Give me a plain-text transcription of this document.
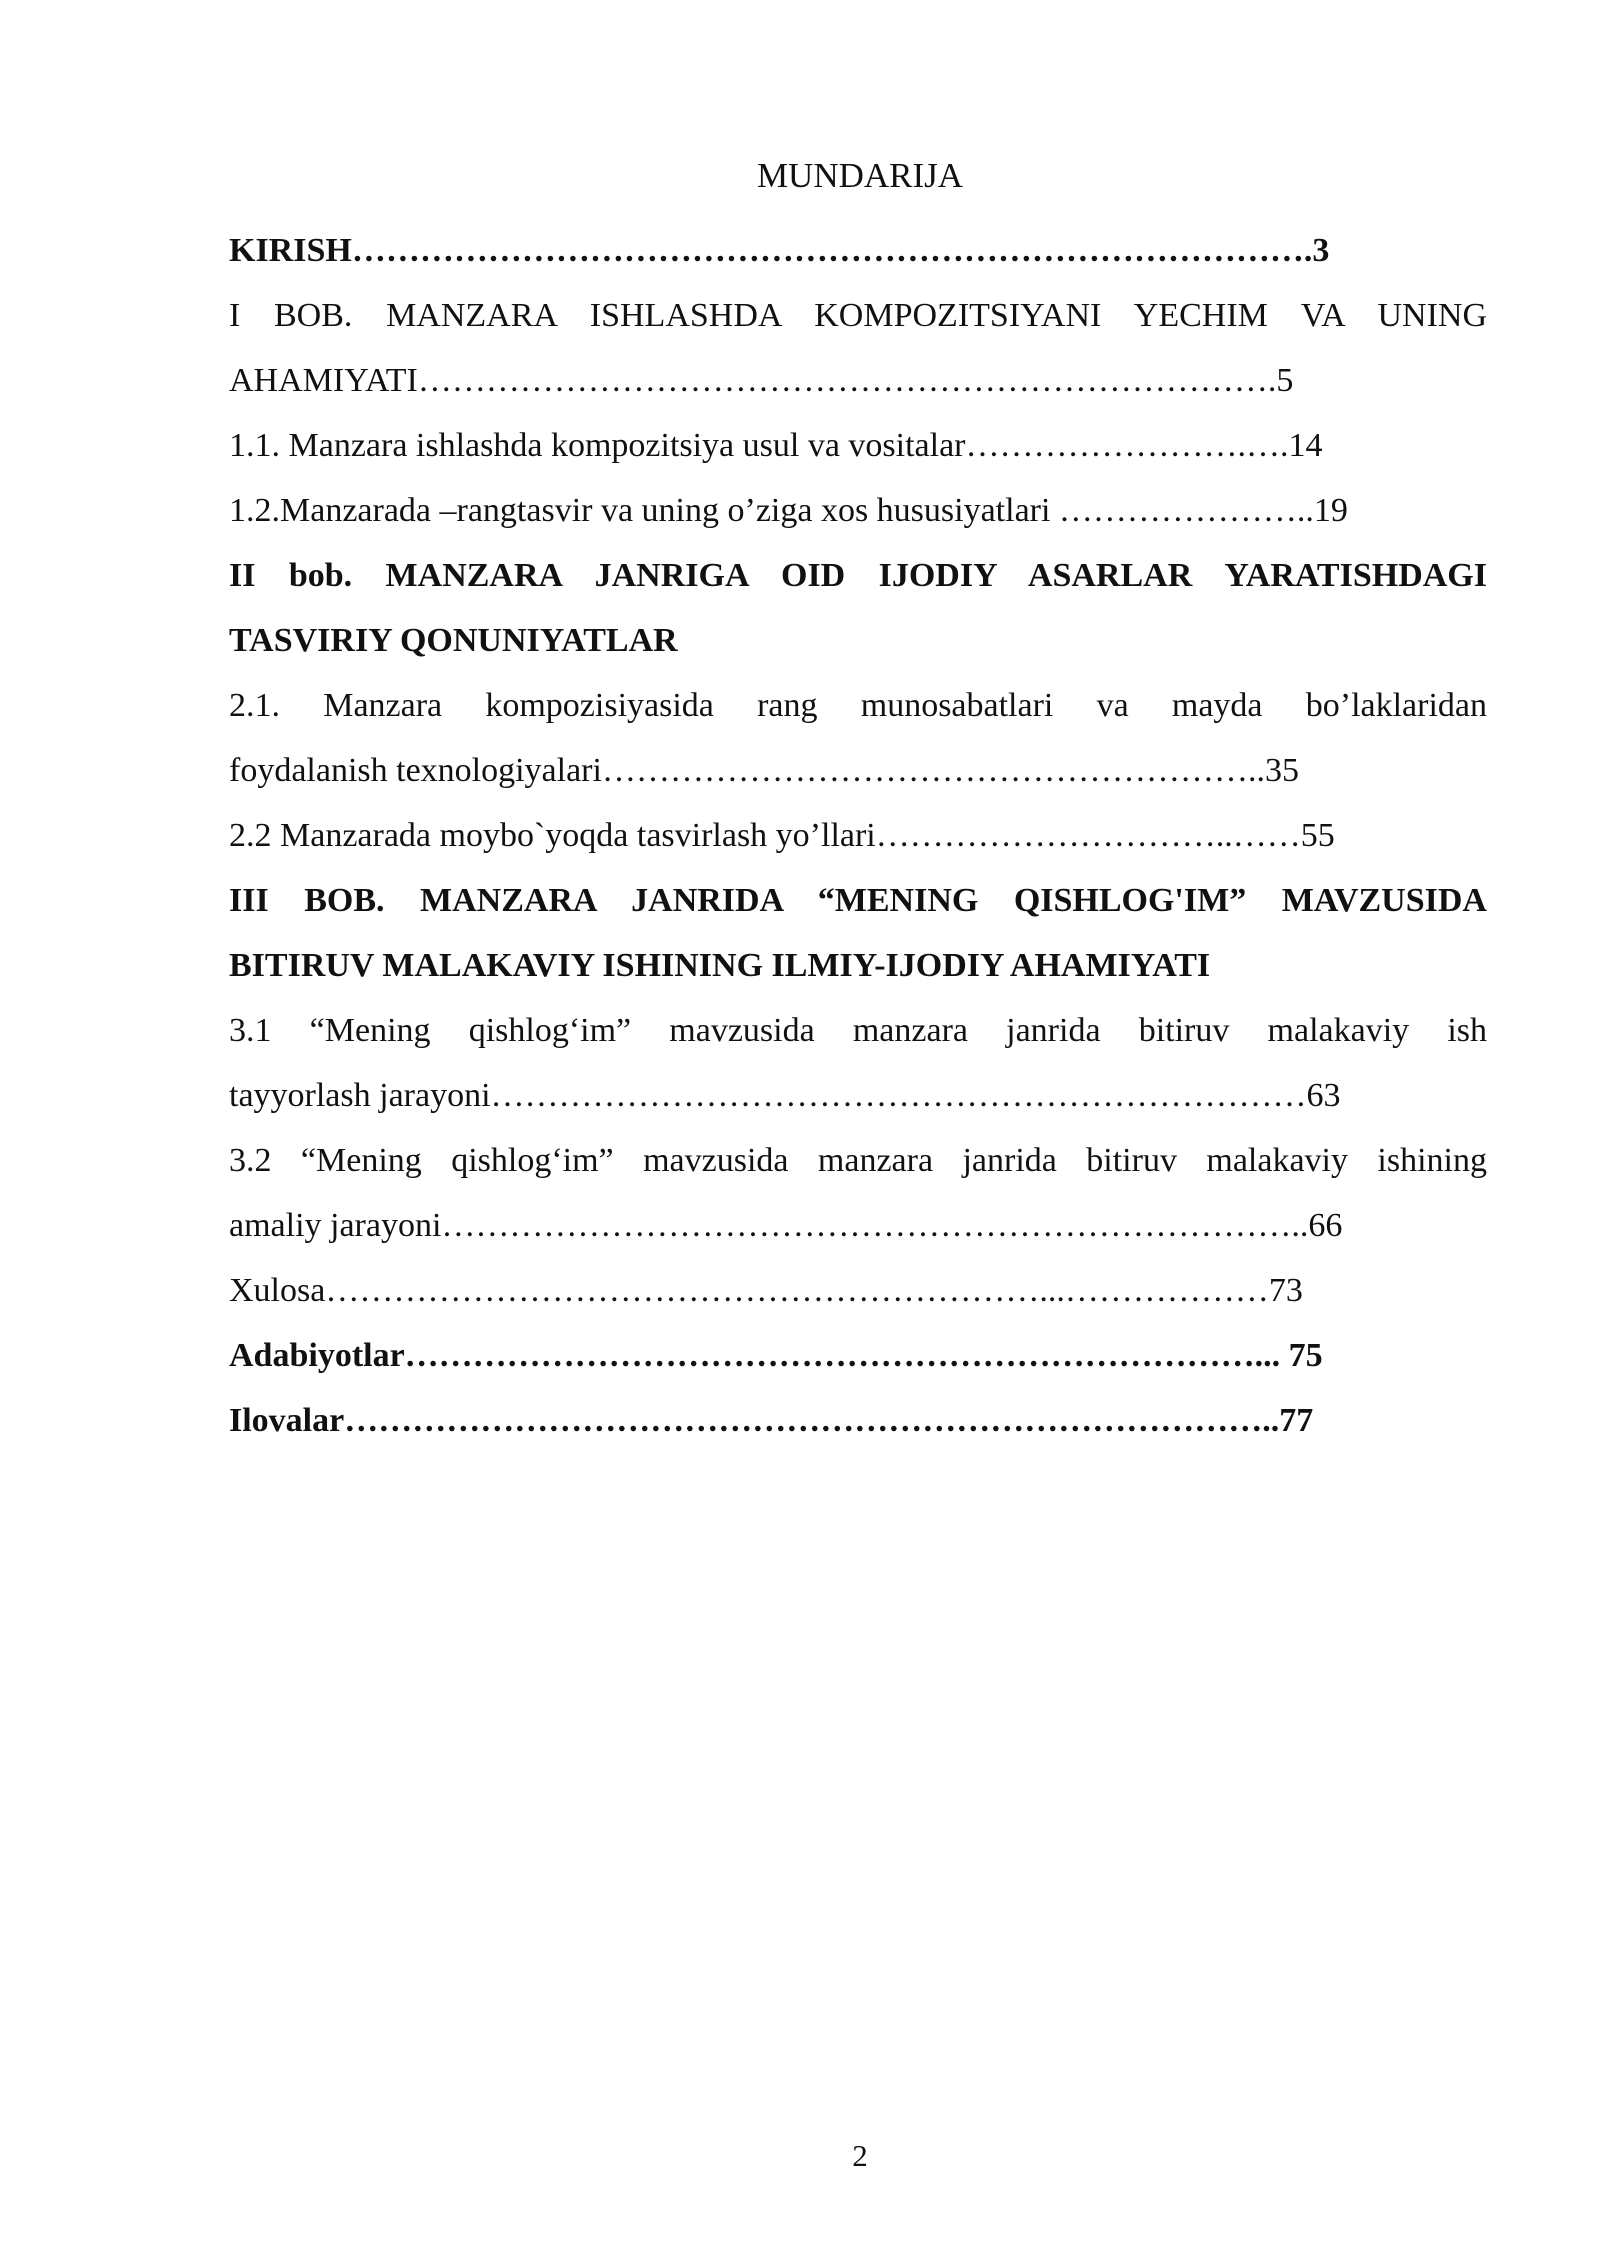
MUNDARIJA
KIRISH………………………………………………………………………….3
I BOB. MANZARA ISHLASHDA KOMPOZITSIYANI YECHIM VA UNING
AHAMIYATI………………………………………………………………….5
1.1. Manzara ishlashda kompozitsiya usul va vositalar…………………….….14
1.2.Manzarada –rangtasvir va uning o’ziga xos hususiyatlari …………………..19
II bob. MANZARA JANRIGA OID IJODIY ASARLAR YARATISHDAGI
TASVIRIY QONUNIYATLAR
2.1. Manzara kompozisiyasida rang munosabatlari va mayda bo’laklaridan
foydalanish texnologiyalari…………………………………………………..35
2.2 Manzarada moybo`yoqda tasvirlash yo’llari…………………………..……55
III BOB. MANZARA JANRIDA “MENING QISHLOG'IM” MAVZUSIDA
BITIRUV MALAKAVIY ISHINING ILMIY-IJODIY AHAMIYATI
3.1 “Mening qishlog‘im” mavzusida manzara janrida bitiruv malakaviy ish
tayyorlash jarayoni………………………………………………………………63
3.2 “Mening qishlog‘im” mavzusida manzara janrida bitiruv malakaviy ishining
amaliy jarayoni…………………………………………………………………..66
Xulosa………………………………………………………...………………73
Adabiyotlar…………………………………………………………………... 75
Ilovalar………………………………………………………………………..77
2
